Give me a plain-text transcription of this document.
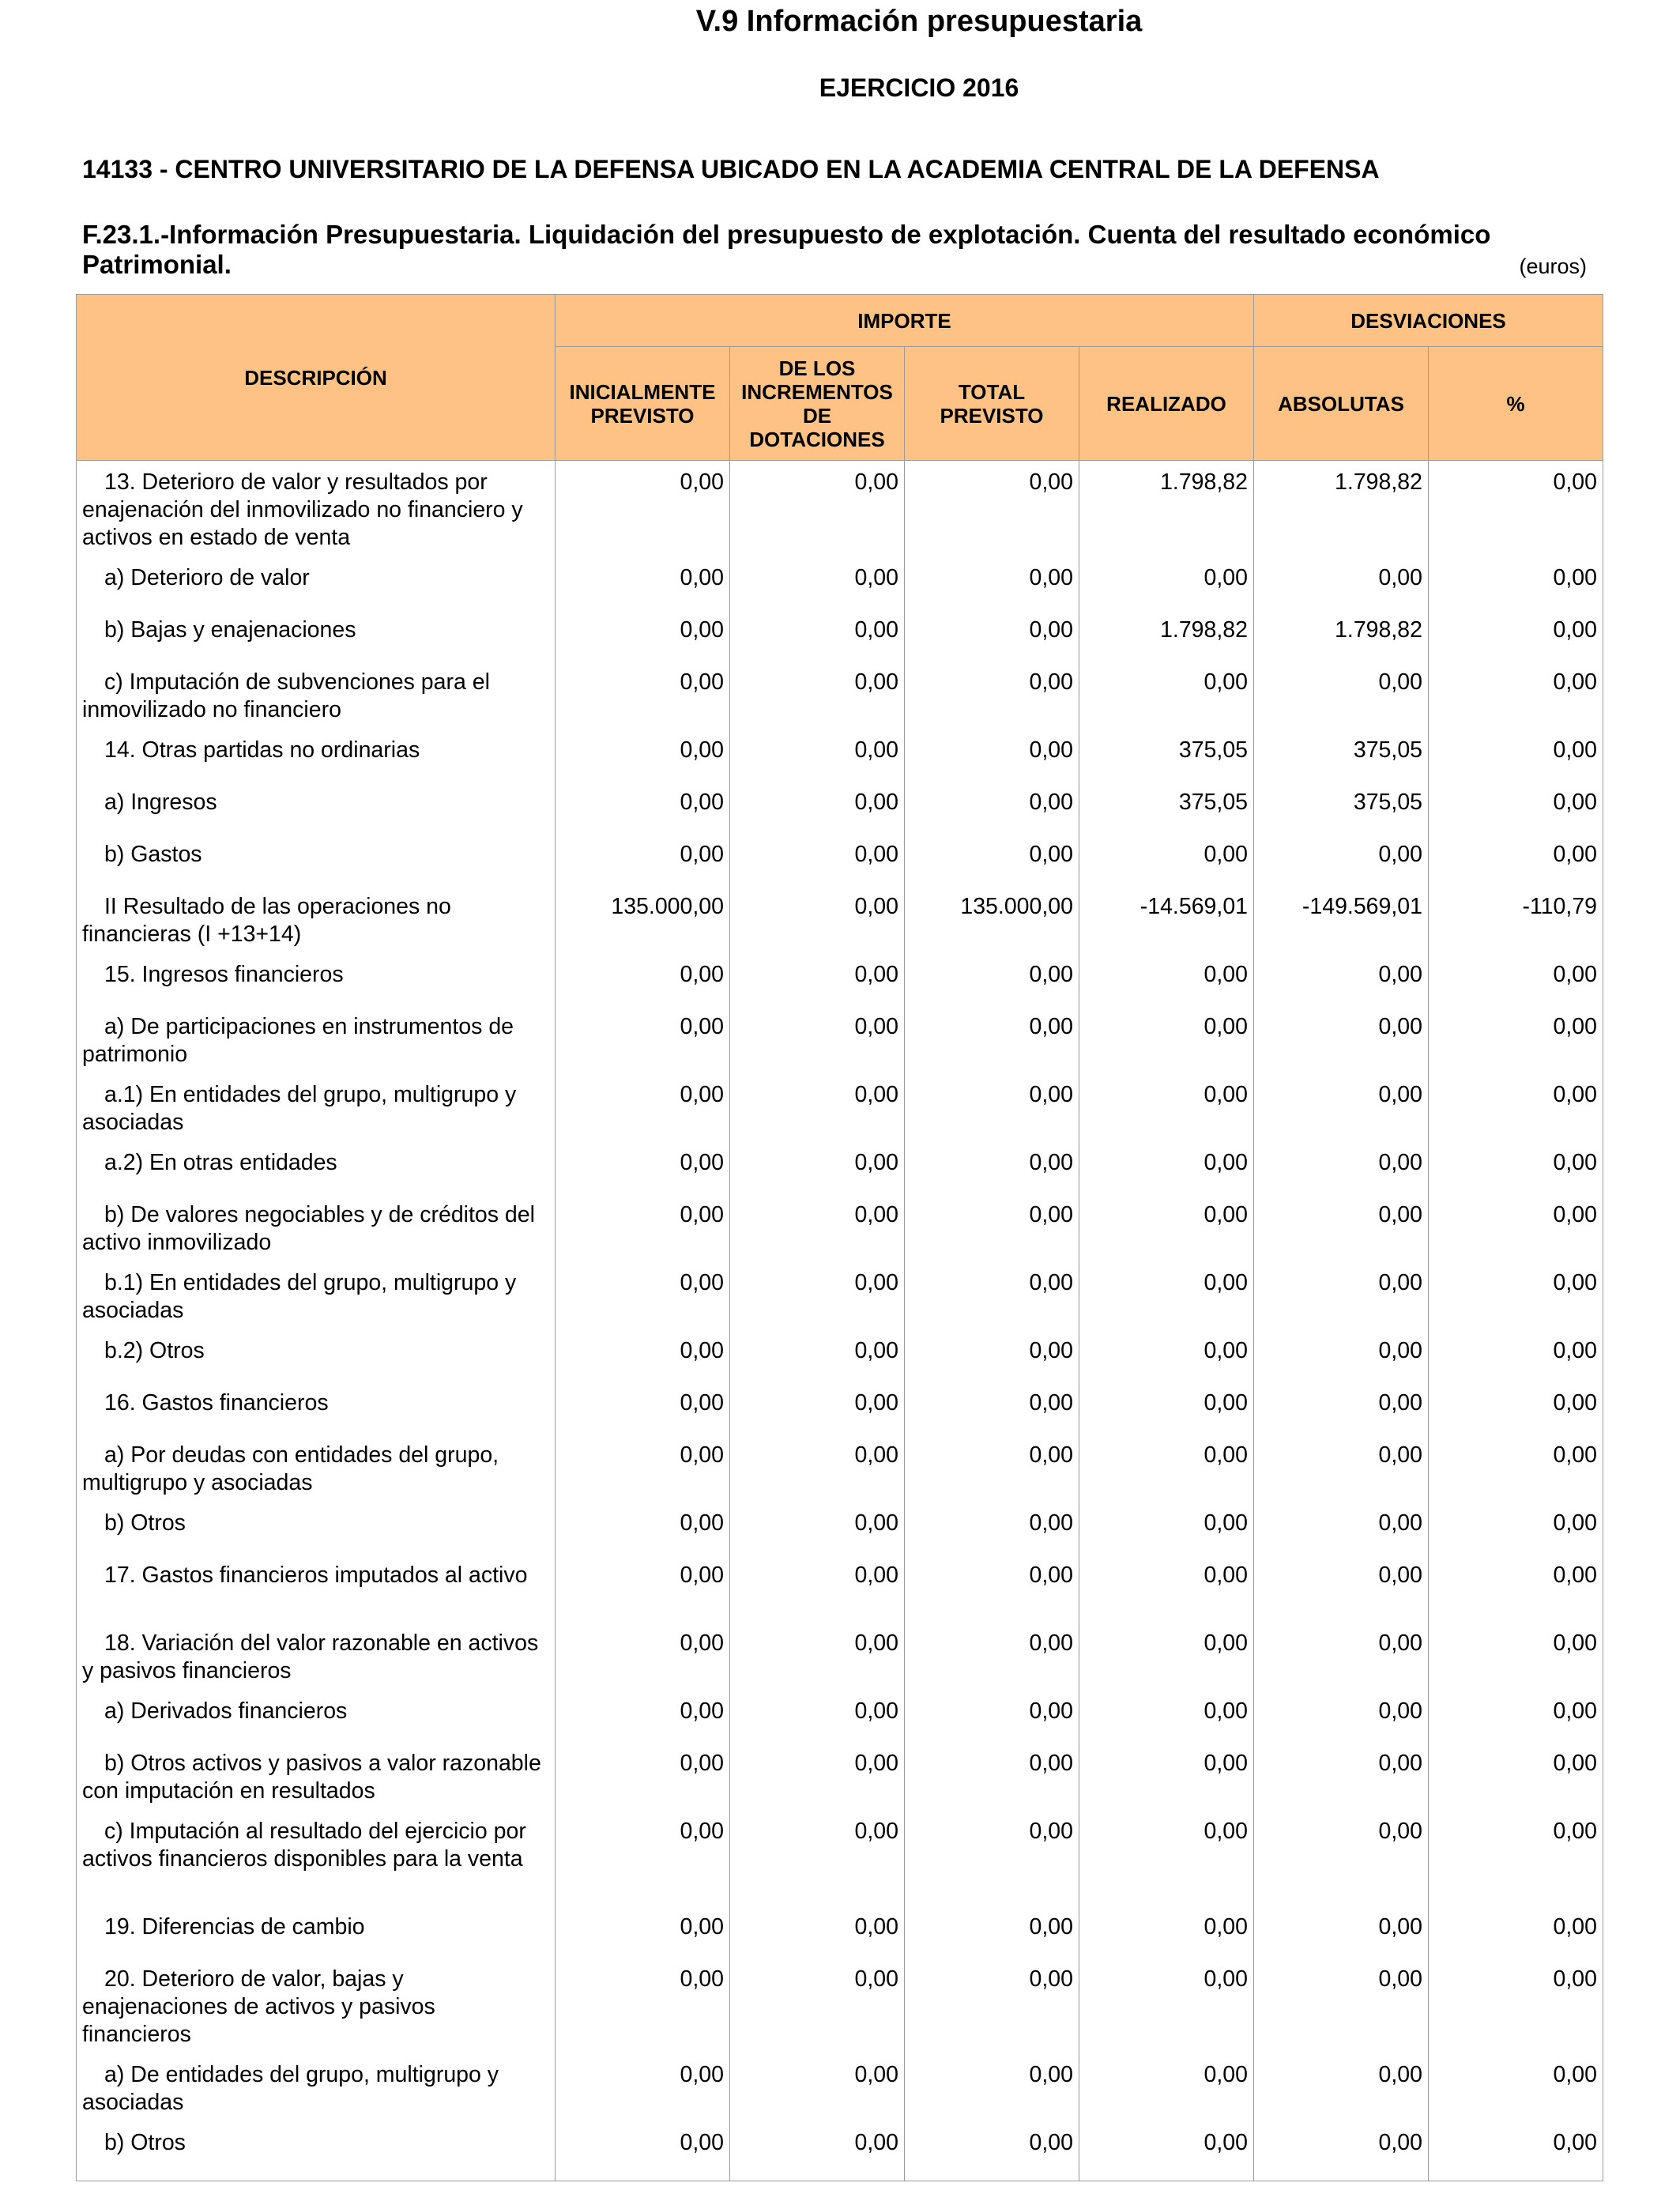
V.9 Información presupuestaria
EJERCICIO 2016
14133 - CENTRO UNIVERSITARIO DE LA DEFENSA UBICADO EN LA ACADEMIA CENTRAL DE LA DEFENSA
F.23.1.-Información Presupuestaria. Liquidación del presupuesto de explotación. Cuenta del resultado económico Patrimonial.	(euros)
DESCRIPCIÓN	IMPORTE				DESVIACIONES	
	INICIALMENTE PREVISTO	DE LOS INCREMENTOS DE DOTACIONES	TOTAL PREVISTO	REALIZADO	ABSOLUTAS	%
13. Deterioro de valor y resultados por enajenación del inmovilizado no financiero y activos en estado de venta	0,00	0,00	0,00	1.798,82	1.798,82	0,00
a) Deterioro de valor	0,00	0,00	0,00	0,00	0,00	0,00
b) Bajas y enajenaciones	0,00	0,00	0,00	1.798,82	1.798,82	0,00
c) Imputación de subvenciones para el inmovilizado no financiero	0,00	0,00	0,00	0,00	0,00	0,00
14. Otras partidas no ordinarias	0,00	0,00	0,00	375,05	375,05	0,00
a) Ingresos	0,00	0,00	0,00	375,05	375,05	0,00
b) Gastos	0,00	0,00	0,00	0,00	0,00	0,00
II Resultado de las operaciones no financieras (I +13+14)	135.000,00	0,00	135.000,00	-14.569,01	-149.569,01	-110,79
15. Ingresos financieros	0,00	0,00	0,00	0,00	0,00	0,00
a) De participaciones en instrumentos de patrimonio	0,00	0,00	0,00	0,00	0,00	0,00
a.1) En entidades del grupo, multigrupo y asociadas	0,00	0,00	0,00	0,00	0,00	0,00
a.2) En otras entidades	0,00	0,00	0,00	0,00	0,00	0,00
b) De valores negociables y de créditos del activo inmovilizado	0,00	0,00	0,00	0,00	0,00	0,00
b.1) En entidades del grupo, multigrupo y asociadas	0,00	0,00	0,00	0,00	0,00	0,00
b.2) Otros	0,00	0,00	0,00	0,00	0,00	0,00
16. Gastos financieros	0,00	0,00	0,00	0,00	0,00	0,00
a) Por deudas con entidades del grupo, multigrupo y asociadas	0,00	0,00	0,00	0,00	0,00	0,00
b) Otros	0,00	0,00	0,00	0,00	0,00	0,00
17. Gastos financieros imputados al activo	0,00	0,00	0,00	0,00	0,00	0,00
18. Variación del valor razonable en activos y pasivos financieros	0,00	0,00	0,00	0,00	0,00	0,00
a) Derivados financieros	0,00	0,00	0,00	0,00	0,00	0,00
b) Otros activos y pasivos a valor razonable con imputación en resultados	0,00	0,00	0,00	0,00	0,00	0,00
c) Imputación al resultado del ejercicio por activos financieros disponibles para la venta	0,00	0,00	0,00	0,00	0,00	0,00
19. Diferencias de cambio	0,00	0,00	0,00	0,00	0,00	0,00
20. Deterioro de valor, bajas y enajenaciones de activos y pasivos financieros	0,00	0,00	0,00	0,00	0,00	0,00
a) De entidades del grupo, multigrupo y asociadas	0,00	0,00	0,00	0,00	0,00	0,00
b) Otros	0,00	0,00	0,00	0,00	0,00	0,00
